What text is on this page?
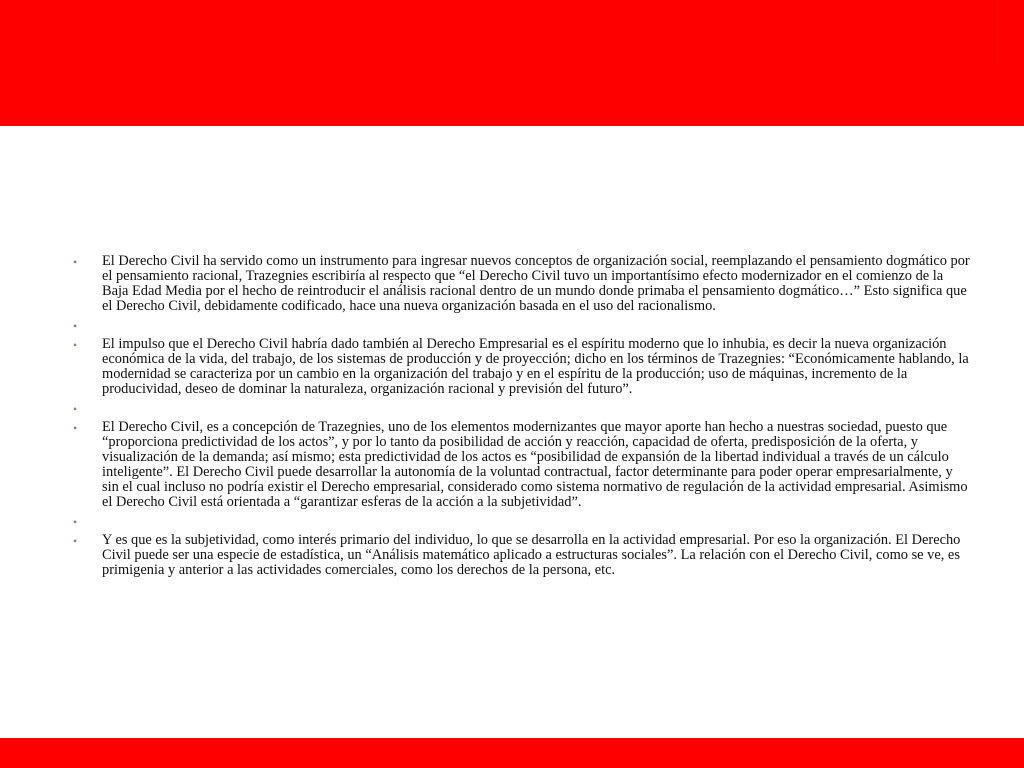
• El Derecho Civil ha servido como un instrumento para ingresar nuevos conceptos de organización social, reemplazando el pensamiento dogmático por el pensamiento racional, Trazegnies escribiría al respecto que “el Derecho Civil tuvo un importantísimo efecto modernizador en el comienzo de la Baja Edad Media por el hecho de reintroducir el análisis racional dentro de un mundo donde primaba el pensamiento dogmático…” Esto significa que el Derecho Civil, debidamente codificado, hace una nueva organización basada en el uso del racionalismo.
•
• El impulso que el Derecho Civil habría dado también al Derecho Empresarial es el espíritu moderno que lo inhubia, es decir la nueva organización económica de la vida, del trabajo, de los sistemas de producción y de proyección; dicho en los términos de Trazegnies: “Económicamente hablando, la modernidad se caracteriza por un cambio en la organización del trabajo y en el espíritu de la producción; uso de máquinas, incremento de la producividad, deseo de dominar la naturaleza, organización racional y previsión del futuro”.
•
• El Derecho Civil, es a concepción de Trazegnies, uno de los elementos modernizantes que mayor aporte han hecho a nuestras sociedad, puesto que “proporciona predictividad de los actos”, y por lo tanto da posibilidad de acción y reacción, capacidad de oferta, predisposición de la oferta, y visualización de la demanda; así mismo; esta predictividad de los actos es “posibilidad de expansión de la libertad individual a través de un cálculo inteligente”. El Derecho Civil puede desarrollar la autonomía de la voluntad contractual, factor determinante para poder operar empresarialmente, y sin el cual incluso no podría existir el Derecho empresarial, considerado como sistema normativo de regulación de la actividad empresarial. Asimismo el Derecho Civil está orientada a “garantizar esferas de la acción a la subjetividad”.
•
• Y es que es la subjetividad, como interés primario del individuo, lo que se desarrolla en la actividad empresarial. Por eso la organización. El Derecho Civil puede ser una especie de estadística, un “Análisis matemático aplicado a estructuras sociales”. La relación con el Derecho Civil, como se ve, es primigenia y anterior a las actividades comerciales, como los derechos de la persona, etc.
